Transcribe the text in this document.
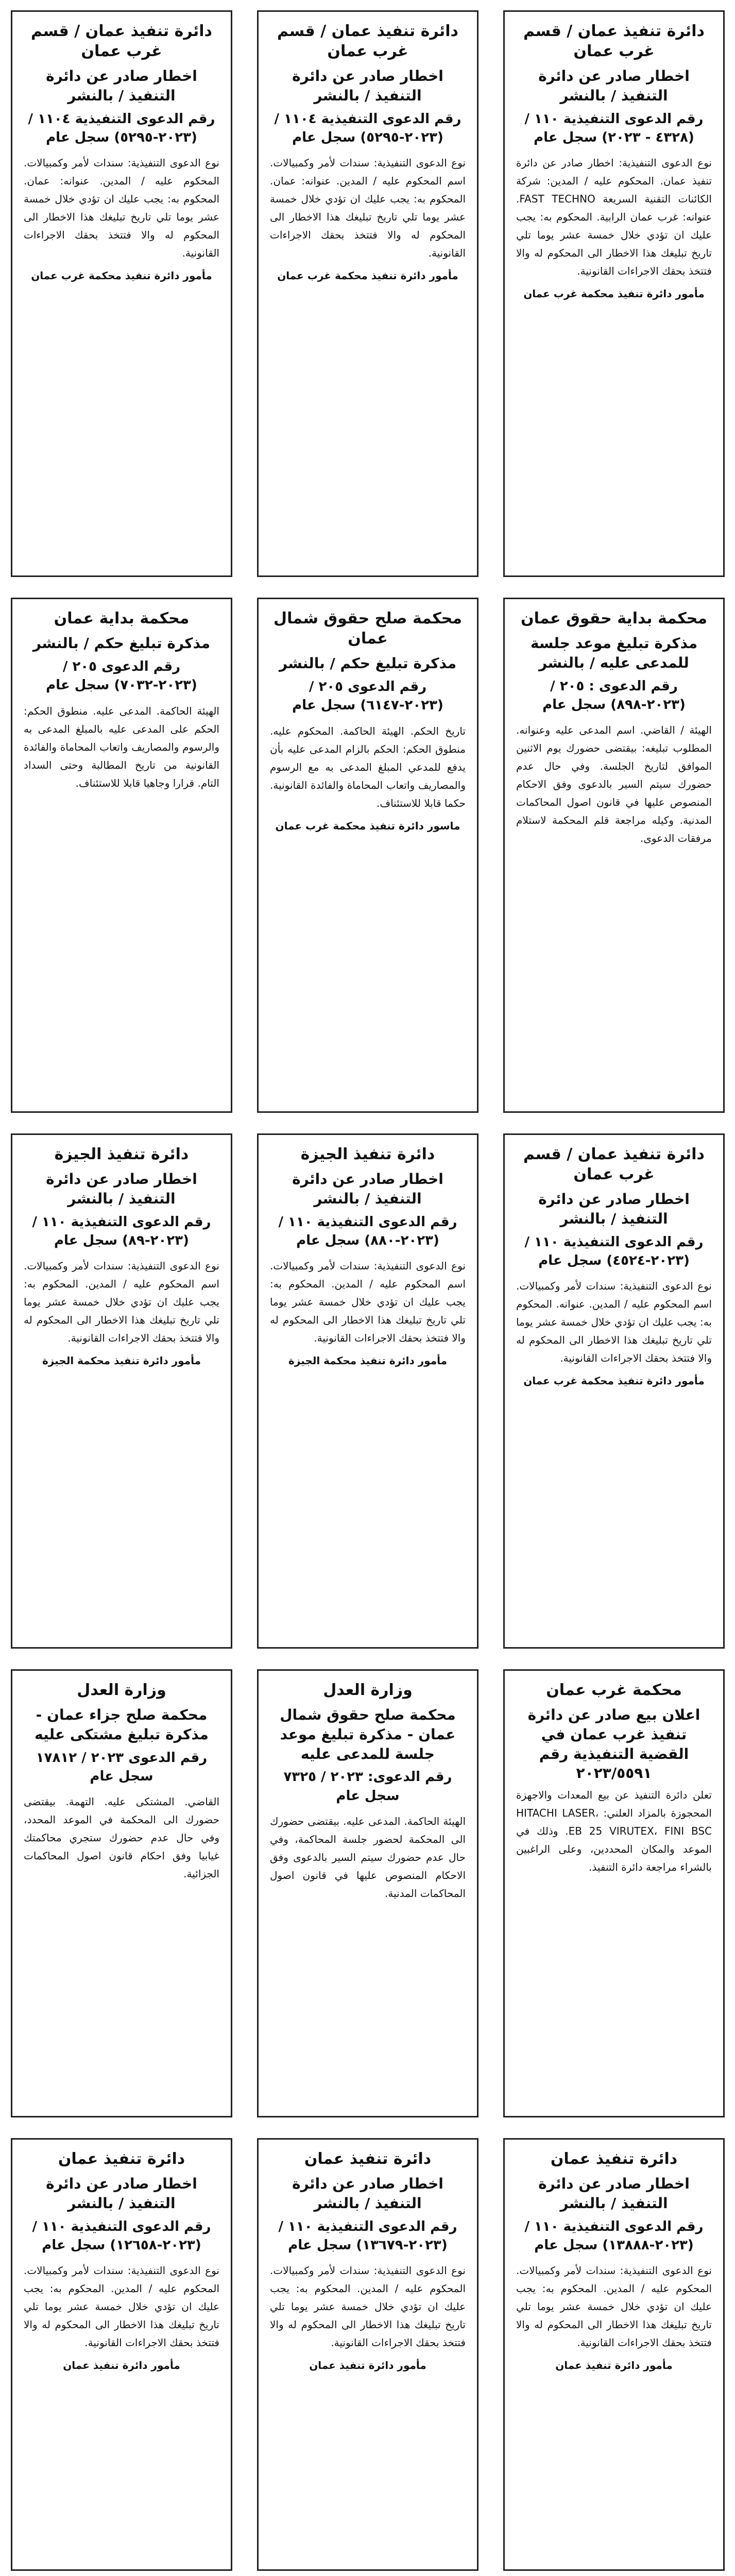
دائرة تنفيذ عمان / قسم غرب عمان
اخطار صادر عن دائرة التنفيذ / بالنشر
رقم الدعوى التنفيذية ١١٠ / (٤٣٢٨ - ٢٠٢٣) سجل عام
نوع الدعوى التنفيذية: اخطار صادر عن دائرة تنفيذ عمان. المحكوم عليه / المدين: شركة الكائنات التقنية السريعة FAST TECHNO. عنوانه: غرب عمان الرابية. المحكوم به: يجب عليك ان تؤدي خلال خمسة عشر يوما تلي تاريخ تبليغك هذا الاخطار الى المحكوم له والا فتتخذ بحقك الاجراءات القانونية.
مأمور دائرة تنفيذ محكمة غرب عمان
محكمة بداية حقوق عمان
مذكرة تبليغ موعد جلسة للمدعى عليه / بالنشر
رقم الدعوى : ٢٠٥ / (٢٠٢٣-٨٩٨) سجل عام
الهيئة / القاضي. اسم المدعى عليه وعنوانه. المطلوب تبليغه: بيقتضى حضورك يوم الاثنين الموافق لتاريخ الجلسة. وفي حال عدم حضورك سيتم السير بالدعوى وفق الاحكام المنصوص عليها في قانون اصول المحاكمات المدنية. وكيله مراجعة قلم المحكمة لاستلام مرفقات الدعوى.
دائرة تنفيذ عمان / قسم غرب عمان
اخطار صادر عن دائرة التنفيذ / بالنشر
رقم الدعوى التنفيذية ١١٠ / (٢٠٢٣-٤٥٢٤) سجل عام
نوع الدعوى التنفيذية: سندات لأمر وكمبيالات. اسم المحكوم عليه / المدين. عنوانه. المحكوم به: يجب عليك ان تؤدي خلال خمسة عشر يوما تلي تاريخ تبليغك هذا الاخطار الى المحكوم له والا فتتخذ بحقك الاجراءات القانونية.
مأمور دائرة تنفيذ محكمة غرب عمان
محكمة غرب عمان
اعلان بيع صادر عن دائرة تنفيذ غرب عمان في القضية التنفيذية رقم ٢٠٢٣/٥٥٩١
تعلن دائرة التنفيذ عن بيع المعدات والاجهزة المحجوزة بالمزاد العلني: HITACHI LASER، EB 25 VIRUTEX، FINI BSC. وذلك في الموعد والمكان المحددين، وعلى الراغبين بالشراء مراجعة دائرة التنفيذ.
دائرة تنفيذ عمان
اخطار صادر عن دائرة التنفيذ / بالنشر
رقم الدعوى التنفيذية ١١٠ / (٢٠٢٣-١٣٨٨٨) سجل عام
نوع الدعوى التنفيذية: سندات لأمر وكمبيالات. المحكوم عليه / المدين. المحكوم به: يجب عليك ان تؤدي خلال خمسة عشر يوما تلي تاريخ تبليغك هذا الاخطار الى المحكوم له والا فتتخذ بحقك الاجراءات القانونية.
مأمور دائرة تنفيذ عمان
دائرة تنفيذ عمان / قسم غرب عمان
اخطار صادر عن دائرة التنفيذ / بالنشر
رقم الدعوى التنفيذية ١١٠٤ / (٢٠٢٣-٥٢٩٥) سجل عام
نوع الدعوى التنفيذية: سندات لأمر وكمبيالات. اسم المحكوم عليه / المدين. عنوانه: عمان. المحكوم به: يجب عليك ان تؤدي خلال خمسة عشر يوما تلي تاريخ تبليغك هذا الاخطار الى المحكوم له والا فتتخذ بحقك الاجراءات القانونية.
مأمور دائرة تنفيذ محكمة غرب عمان
محكمة صلح حقوق شمال عمان
مذكرة تبليغ حكم / بالنشر
رقم الدعوى ٢٠٥ / (٢٠٢٣-٦١٤٧) سجل عام
تاريخ الحكم. الهيئة الحاكمة. المحكوم عليه. منطوق الحكم: الحكم بالزام المدعى عليه بأن يدفع للمدعي المبلغ المدعى به مع الرسوم والمصاريف واتعاب المحاماة والفائدة القانونية. حكما قابلا للاستئناف.
ماسور دائرة تنفيذ محكمة غرب عمان
دائرة تنفيذ الجيزة
اخطار صادر عن دائرة التنفيذ / بالنشر
رقم الدعوى التنفيذية ١١٠ / (٢٠٢٣-٨٨٠) سجل عام
نوع الدعوى التنفيذية: سندات لأمر وكمبيالات. اسم المحكوم عليه / المدين. المحكوم به: يجب عليك ان تؤدي خلال خمسة عشر يوما تلي تاريخ تبليغك هذا الاخطار الى المحكوم له والا فتتخذ بحقك الاجراءات القانونية.
مأمور دائرة تنفيذ محكمة الجيزة
وزارة العدل
محكمة صلح حقوق شمال عمان - مذكرة تبليغ موعد جلسة للمدعى عليه
رقم الدعوى: ٢٠٢٣ / ٧٣٢٥ سجل عام
الهيئة الحاكمة. المدعى عليه. بيقتضى حضورك الى المحكمة لحضور جلسة المحاكمة، وفي حال عدم حضورك سيتم السير بالدعوى وفق الاحكام المنصوص عليها في قانون اصول المحاكمات المدنية.
دائرة تنفيذ عمان
اخطار صادر عن دائرة التنفيذ / بالنشر
رقم الدعوى التنفيذية ١١٠ / (٢٠٢٣-١٣٦٧٩) سجل عام
نوع الدعوى التنفيذية: سندات لأمر وكمبيالات. المحكوم عليه / المدين. المحكوم به: يجب عليك ان تؤدي خلال خمسة عشر يوما تلي تاريخ تبليغك هذا الاخطار الى المحكوم له والا فتتخذ بحقك الاجراءات القانونية.
مأمور دائرة تنفيذ عمان
دائرة تنفيذ عمان / قسم غرب عمان
اخطار صادر عن دائرة التنفيذ / بالنشر
رقم الدعوى التنفيذية ١١٠٤ / (٢٠٢٣-٥٢٩٥) سجل عام
نوع الدعوى التنفيذية: سندات لأمر وكمبيالات. المحكوم عليه / المدين. عنوانه: عمان. المحكوم به: يجب عليك ان تؤدي خلال خمسة عشر يوما تلي تاريخ تبليغك هذا الاخطار الى المحكوم له والا فتتخذ بحقك الاجراءات القانونية.
مأمور دائرة تنفيذ محكمة غرب عمان
محكمة بداية عمان
مذكرة تبليغ حكم / بالنشر
رقم الدعوى ٢٠٥ / (٢٠٢٣-٧٠٣٢) سجل عام
الهيئة الحاكمة. المدعى عليه. منطوق الحكم: الحكم على المدعى عليه بالمبلغ المدعى به والرسوم والمصاريف واتعاب المحاماة والفائدة القانونية من تاريخ المطالبة وحتى السداد التام. قرارا وجاهيا قابلا للاستئناف.
دائرة تنفيذ الجيزة
اخطار صادر عن دائرة التنفيذ / بالنشر
رقم الدعوى التنفيذية ١١٠ / (٢٠٢٣-٨٩) سجل عام
نوع الدعوى التنفيذية: سندات لأمر وكمبيالات. اسم المحكوم عليه / المدين. المحكوم به: يجب عليك ان تؤدي خلال خمسة عشر يوما تلي تاريخ تبليغك هذا الاخطار الى المحكوم له والا فتتخذ بحقك الاجراءات القانونية.
مأمور دائرة تنفيذ محكمة الجيزة
وزارة العدل
محكمة صلح جزاء عمان - مذكرة تبليغ مشتكى عليه
رقم الدعوى ٢٠٢٣ / ١٧٨١٢ سجل عام
القاضي. المشتكى عليه. التهمة. بيقتضى حضورك الى المحكمة في الموعد المحدد، وفي حال عدم حضورك ستجري محاكمتك غيابيا وفق احكام قانون اصول المحاكمات الجزائية.
دائرة تنفيذ عمان
اخطار صادر عن دائرة التنفيذ / بالنشر
رقم الدعوى التنفيذية ١١٠ / (٢٠٢٣-١٢٦٥٨) سجل عام
نوع الدعوى التنفيذية: سندات لأمر وكمبيالات. المحكوم عليه / المدين. المحكوم به: يجب عليك ان تؤدي خلال خمسة عشر يوما تلي تاريخ تبليغك هذا الاخطار الى المحكوم له والا فتتخذ بحقك الاجراءات القانونية.
مأمور دائرة تنفيذ عمان
